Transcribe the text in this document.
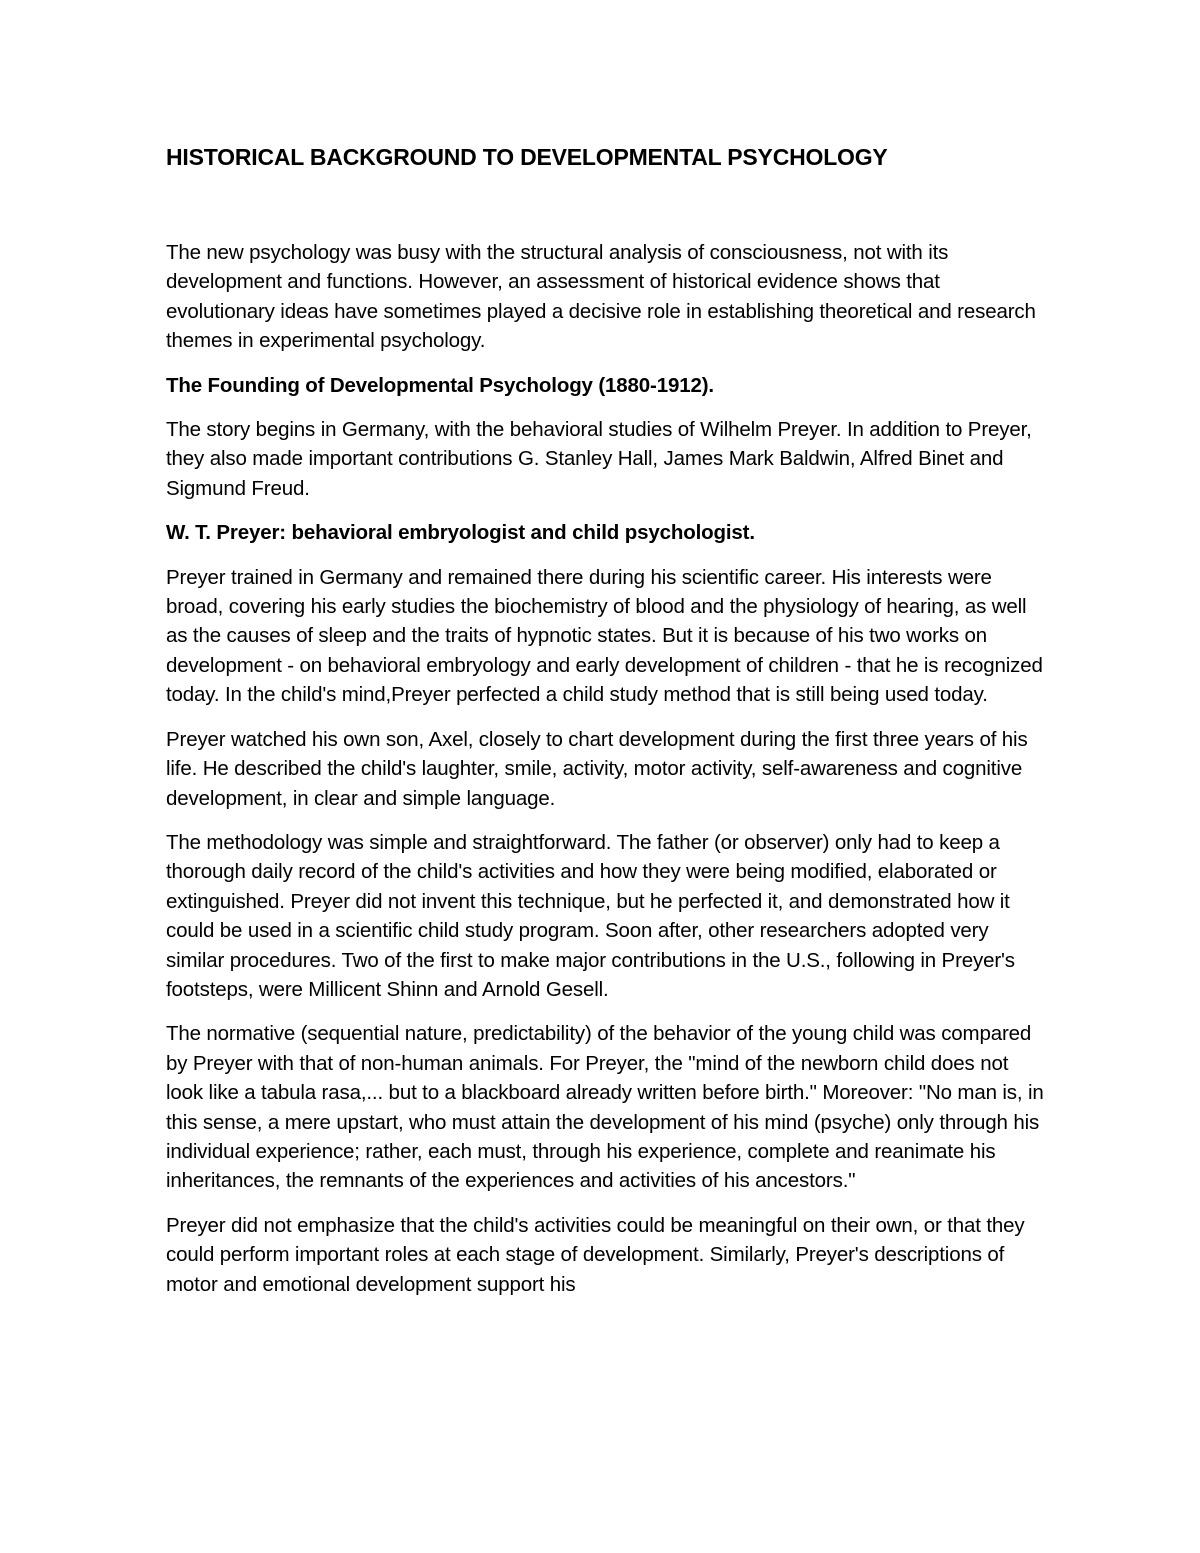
HISTORICAL BACKGROUND TO DEVELOPMENTAL PSYCHOLOGY

The new psychology was busy with the structural analysis of consciousness, not with its development and functions. However, an assessment of historical evidence shows that evolutionary ideas have sometimes played a decisive role in establishing theoretical and research themes in experimental psychology.

The Founding of Developmental Psychology (1880-1912).

The story begins in Germany, with the behavioral studies of Wilhelm Preyer. In addition to Preyer, they also made important contributions G. Stanley Hall, James Mark Baldwin, Alfred Binet and Sigmund Freud.

W. T. Preyer: behavioral embryologist and child psychologist.

Preyer trained in Germany and remained there during his scientific career. His interests were broad, covering his early studies the biochemistry of blood and the physiology of hearing, as well as the causes of sleep and the traits of hypnotic states. But it is because of his two works on development - on behavioral embryology and early development of children - that he is recognized today. In the child's mind,Preyer perfected a child study method that is still being used today.

Preyer watched his own son, Axel, closely to chart development during the first three years of his life. He described the child's laughter, smile, activity, motor activity, self-awareness and cognitive development, in clear and simple language.

The methodology was simple and straightforward. The father (or observer) only had to keep a thorough daily record of the child's activities and how they were being modified, elaborated or extinguished. Preyer did not invent this technique, but he perfected it, and demonstrated how it could be used in a scientific child study program. Soon after, other researchers adopted very similar procedures. Two of the first to make major contributions in the U.S., following in Preyer's footsteps, were Millicent Shinn and Arnold Gesell.

The normative (sequential nature, predictability) of the behavior of the young child was compared by Preyer with that of non-human animals. For Preyer, the "mind of the newborn child does not look like a tabula rasa,... but to a blackboard already written before birth." Moreover: "No man is, in this sense, a mere upstart, who must attain the development of his mind (psyche) only through his individual experience; rather, each must, through his experience, complete and reanimate his inheritances, the remnants of the experiences and activities of his ancestors."

Preyer did not emphasize that the child's activities could be meaningful on their own, or that they could perform important roles at each stage of development. Similarly, Preyer's descriptions of motor and emotional development support his
